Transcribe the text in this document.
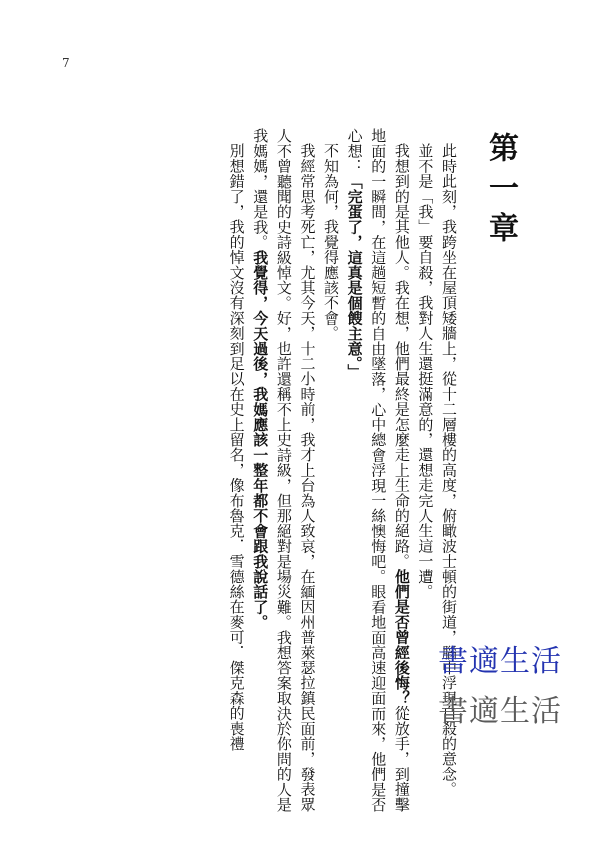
7
第一章

此時此刻，我跨坐在屋頂矮牆上，從十二層樓的高度，俯瞰波士頓的街道，腦中浮現自殺的意念。

並不是「我」要自殺，我對人生還挺滿意的，還想走完人生這一遭。

我想到的是其他人。我在想，他們最終是怎麼走上生命的絕路。他們是否曾經後悔？從放手，到撞擊地面的一瞬間，在這趟短暫的自由墜落，心中總會浮現一絲懊悔吧。眼看地面高速迎面而來，他們是否心想：「完蛋了，這真是個餿主意。」

不知為何，我覺得應該不會。

我經常思考死亡，尤其今天，十二小時前，我才上台為人致哀，在緬因州普萊瑟拉鎮民面前，發表眾人不曾聽聞的史詩級悼文。好，也許還稱不上史詩級，但那絕對是場災難。我想答案取決於你問的人是我媽媽，還是我。我覺得，今天過後，我媽應該一整年都不會跟我說話了。

別想錯了，我的悼文沒有深刻到足以在史上留名，像布魯克．雪德絲在麥可．傑克森的喪禮	書適生活
書適生活
